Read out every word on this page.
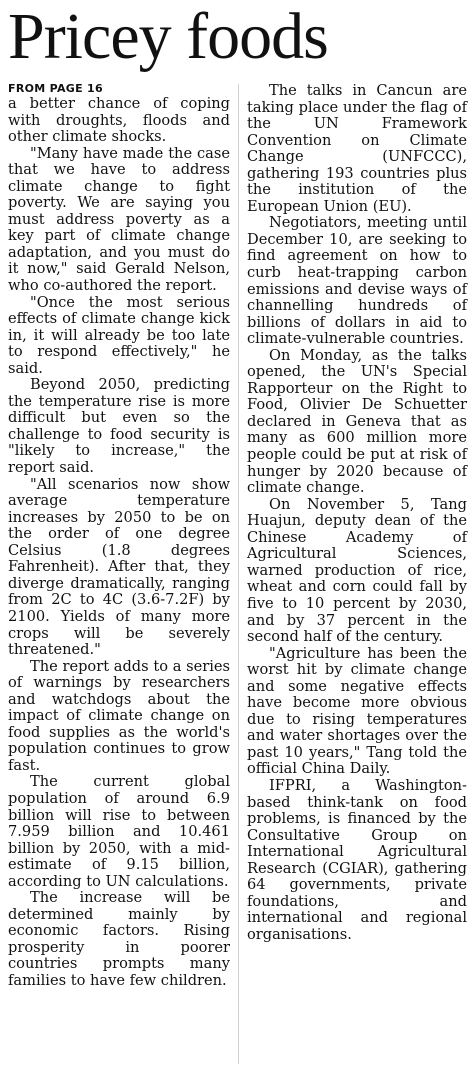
Pricey foods
FROM PAGE 16

a better chance of coping with droughts, floods and other climate shocks.

"Many have made the case that we have to address climate change to fight poverty. We are saying you must address poverty as a key part of climate change adaptation, and you must do it now," said Gerald Nelson, who co-authored the report.

"Once the most serious effects of climate change kick in, it will already be too late to respond effectively," he said.

Beyond 2050, predicting the temperature rise is more difficult but even so the challenge to food security is "likely to increase," the report said.

"All scenarios now show average temperature increases by 2050 to be on the order of one degree Celsius (1.8 degrees Fahrenheit). After that, they diverge dramatically, ranging from 2C to 4C (3.6-7.2F) by 2100. Yields of many more crops will be severely threatened."

The report adds to a series of warnings by researchers and watchdogs about the impact of climate change on food supplies as the world's population continues to grow fast.

The current global population of around 6.9 billion will rise to between 7.959 billion and 10.461 billion by 2050, with a mid-estimate of 9.15 billion, according to UN calculations.

The increase will be determined mainly by economic factors. Rising prosperity in poorer countries prompts many families to have few children.

The talks in Cancun are taking place under the flag of the UN Framework Convention on Climate Change (UNFCCC), gathering 193 countries plus the institution of the European Union (EU).

Negotiators, meeting until December 10, are seeking to find agreement on how to curb heat-trapping carbon emissions and devise ways of channelling hundreds of billions of dollars in aid to climate-vulnerable countries.

On Monday, as the talks opened, the UN's Special Rapporteur on the Right to Food, Olivier De Schuetter declared in Geneva that as many as 600 million more people could be put at risk of hunger by 2020 because of climate change.

On November 5, Tang Huajun, deputy dean of the Chinese Academy of Agricultural Sciences, warned production of rice, wheat and corn could fall by five to 10 percent by 2030, and by 37 percent in the second half of the century.

"Agriculture has been the worst hit by climate change and some negative effects have become more obvious due to rising temperatures and water shortages over the past 10 years," Tang told the official China Daily.

IFPRI, a Washington-based think-tank on food problems, is financed by the Consultative Group on International Agricultural Research (CGIAR), gathering 64 governments, private foundations, and international and regional organisations.
